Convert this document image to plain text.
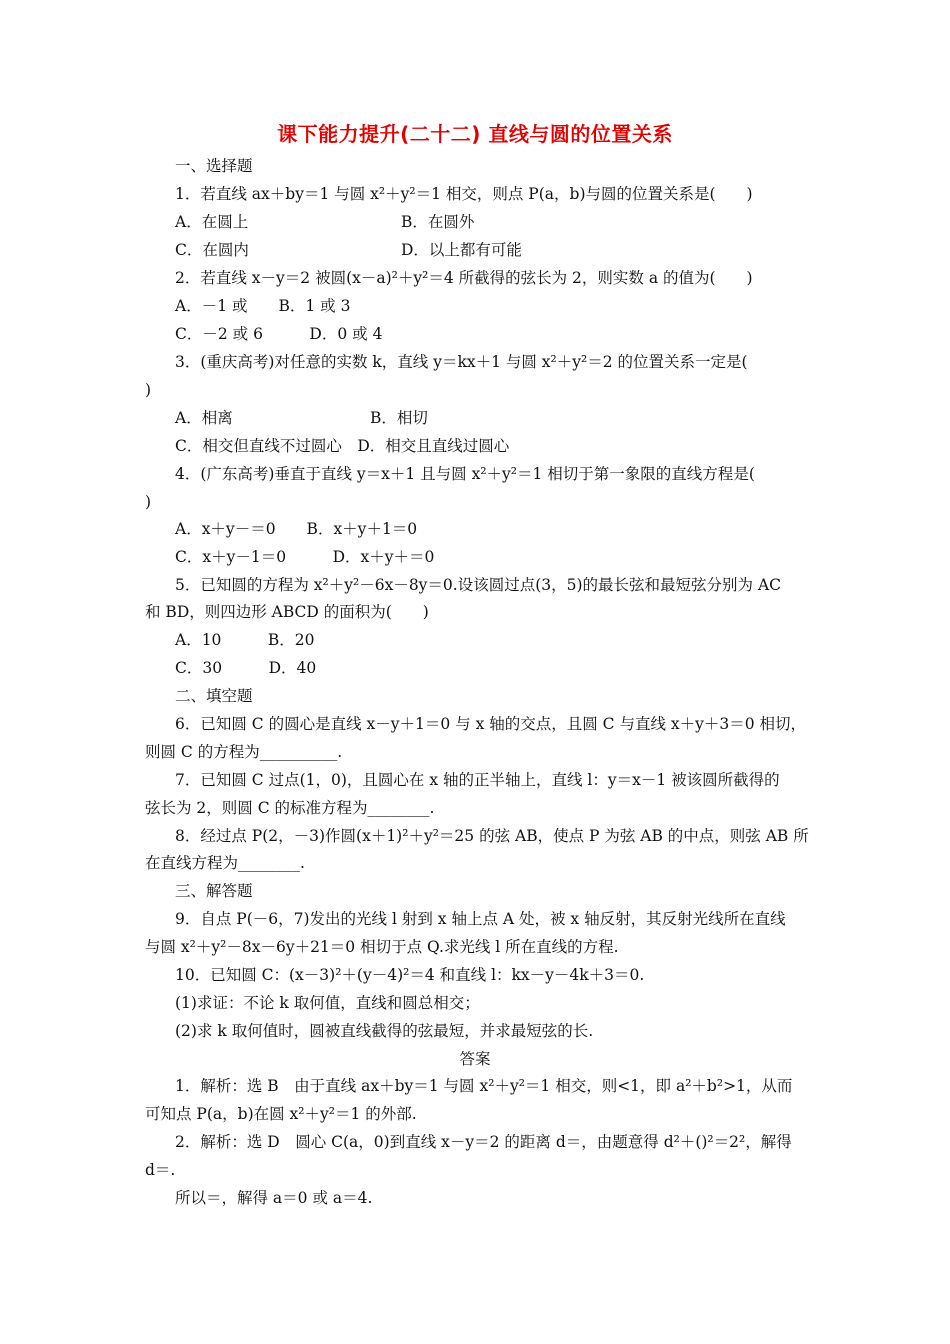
课下能力提升(二十二) 直线与圆的位置关系
一、选择题
1．若直线 ax＋by＝1 与圆 x²＋y²＝1 相交，则点 P(a，b)与圆的位置关系是(　　)
A．在圆上	B．在圆外
C．在圆内	D．以上都有可能
2．若直线 x－y＝2 被圆(x－a)²＋y²＝4 所截得的弦长为 2，则实数 a 的值为(　　)
A．－1 或　　B．1 或 3
C．－2 或 6　　　D．0 或 4
3．(重庆高考)对任意的实数 k，直线 y＝kx＋1 与圆 x²＋y²＝2 的位置关系一定是(
)
A．相离	B．相切
C．相交但直线不过圆心　D．相交且直线过圆心
4．(广东高考)垂直于直线 y＝x＋1 且与圆 x²＋y²＝1 相切于第一象限的直线方程是(
)
A．x＋y－＝0　　B．x＋y＋1＝0
C．x＋y－1＝0　　　D．x＋y＋＝0
5．已知圆的方程为 x²＋y²－6x－8y＝0.设该圆过点(3，5)的最长弦和最短弦分别为 AC
和 BD，则四边形 ABCD 的面积为(　　)
A．10　　　B．20
C．30　　　D．40
二、填空题
6．已知圆 C 的圆心是直线 x－y＋1＝0 与 x 轴的交点，且圆 C 与直线 x＋y＋3＝0 相切，
则圆 C 的方程为__________.
7．已知圆 C 过点(1，0)，且圆心在 x 轴的正半轴上，直线 l：y＝x－1 被该圆所截得的
弦长为 2，则圆 C 的标准方程为________.
8．经过点 P(2，－3)作圆(x＋1)²＋y²＝25 的弦 AB，使点 P 为弦 AB 的中点，则弦 AB 所
在直线方程为________.
三、解答题
9．自点 P(－6，7)发出的光线 l 射到 x 轴上点 A 处，被 x 轴反射，其反射光线所在直线
与圆 x²＋y²－8x－6y＋21＝0 相切于点 Q.求光线 l 所在直线的方程.
10．已知圆 C：(x－3)²＋(y－4)²＝4 和直线 l：kx－y－4k＋3＝0.
(1)求证：不论 k 取何值，直线和圆总相交；
(2)求 k 取何值时，圆被直线截得的弦最短，并求最短弦的长.
答案
1．解析：选 B　由于直线 ax＋by＝1 与圆 x²＋y²＝1 相交，则<1，即 a²＋b²>1，从而
可知点 P(a，b)在圆 x²＋y²＝1 的外部.
2．解析：选 D　圆心 C(a，0)到直线 x－y＝2 的距离 d＝，由题意得 d²＋()²＝2²，解得
d＝.
所以＝，解得 a＝0 或 a＝4.
